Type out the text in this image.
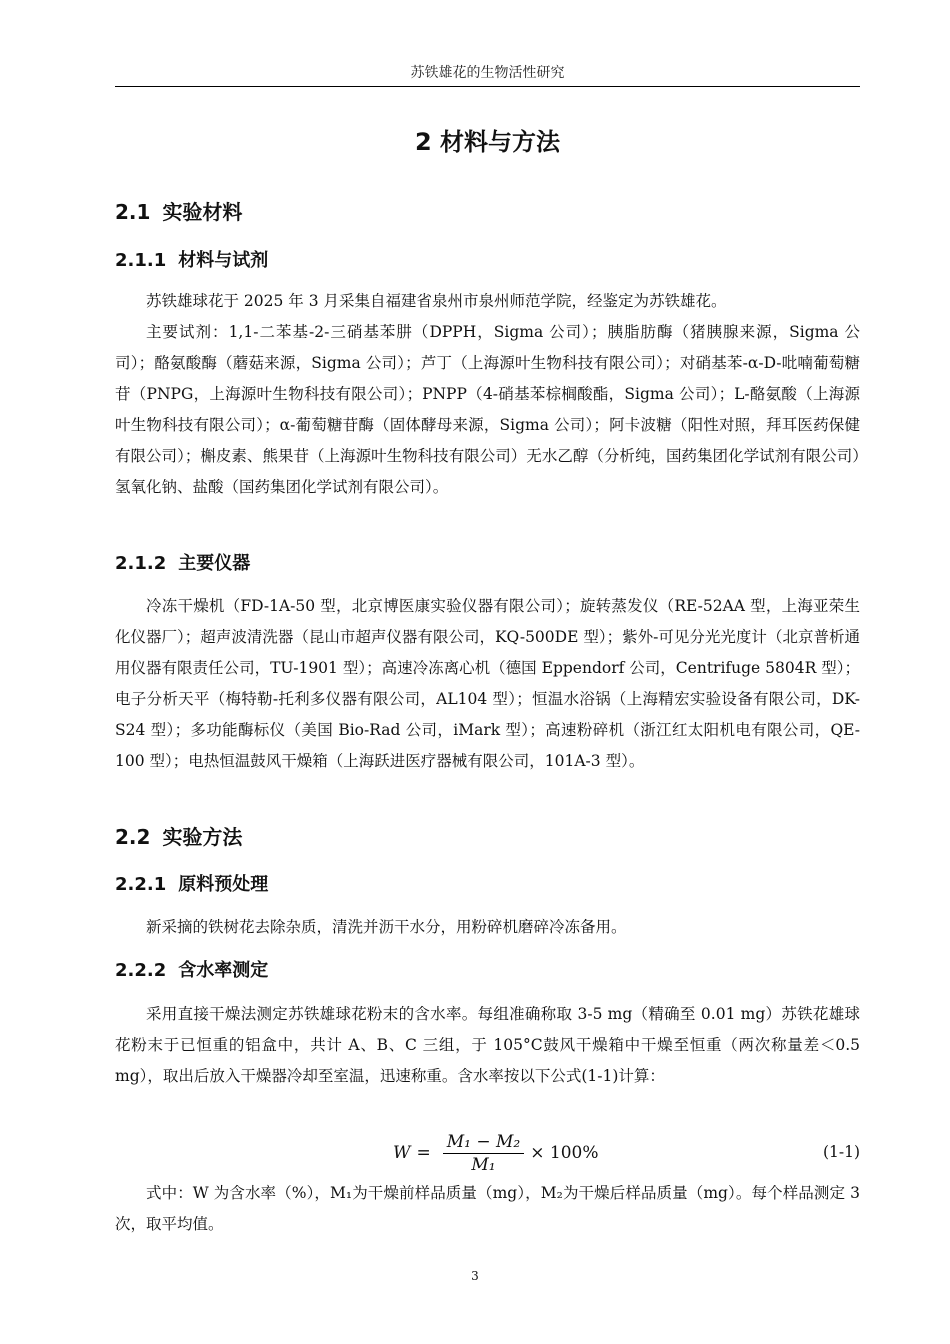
苏铁雄花的生物活性研究
2 材料与方法
2.1 实验材料
2.1.1 材料与试剂

苏铁雄球花于 2025 年 3 月采集自福建省泉州市泉州师范学院，经鉴定为苏铁雄花。

主要试剂：1,1-二苯基-2-三硝基苯肼（DPPH，Sigma 公司）；胰脂肪酶（猪胰腺来源，Sigma 公司）；酪氨酸酶（蘑菇来源，Sigma 公司）；芦丁（上海源叶生物科技有限公司）；对硝基苯-α-D-吡喃葡萄糖苷（PNPG，上海源叶生物科技有限公司）；PNPP（4-硝基苯棕榈酸酯，Sigma 公司）；L-酪氨酸（上海源叶生物科技有限公司）；α-葡萄糖苷酶（固体酵母来源，Sigma 公司）；阿卡波糖（阳性对照，拜耳医药保健有限公司）；槲皮素、熊果苷（上海源叶生物科技有限公司）无水乙醇（分析纯，国药集团化学试剂有限公司）氢氧化钠、盐酸（国药集团化学试剂有限公司）。

2.1.2 主要仪器

冷冻干燥机（FD-1A-50 型，北京博医康实验仪器有限公司）；旋转蒸发仪（RE-52AA 型，上海亚荣生化仪器厂）；超声波清洗器（昆山市超声仪器有限公司，KQ-500DE 型）；紫外-可见分光光度计（北京普析通用仪器有限责任公司，TU-1901 型）；高速冷冻离心机（德国 Eppendorf 公司，Centrifuge 5804R 型）；电子分析天平（梅特勒-托利多仪器有限公司，AL104 型）；恒温水浴锅（上海精宏实验设备有限公司，DK-S24 型）；多功能酶标仪（美国 Bio-Rad 公司，iMark 型）；高速粉碎机（浙江红太阳机电有限公司，QE-100 型）；电热恒温鼓风干燥箱（上海跃进医疗器械有限公司，101A-3 型）。

2.2 实验方法
2.2.1 原料预处理

新采摘的铁树花去除杂质，清洗并沥干水分，用粉碎机磨碎冷冻备用。

2.2.2 含水率测定

采用直接干燥法测定苏铁雄球花粉末的含水率。每组准确称取 3-5 mg（精确至 0.01 mg）苏铁花雄球花粉末于已恒重的铝盒中，共计 A、B、C 三组，于 105°C鼓风干燥箱中干燥至恒重（两次称量差＜0.5 mg），取出后放入干燥器冷却至室温，迅速称重。含水率按以下公式(1-1)计算：

$W = \frac{\text{M₁ − M₂}}{\text{M₁}} \times 100\%$	(1-1)

式中：W 为含水率（%），M₁为干燥前样品质量（mg），M₂为干燥后样品质量（mg）。每个样品测定 3 次，取平均值。

3
